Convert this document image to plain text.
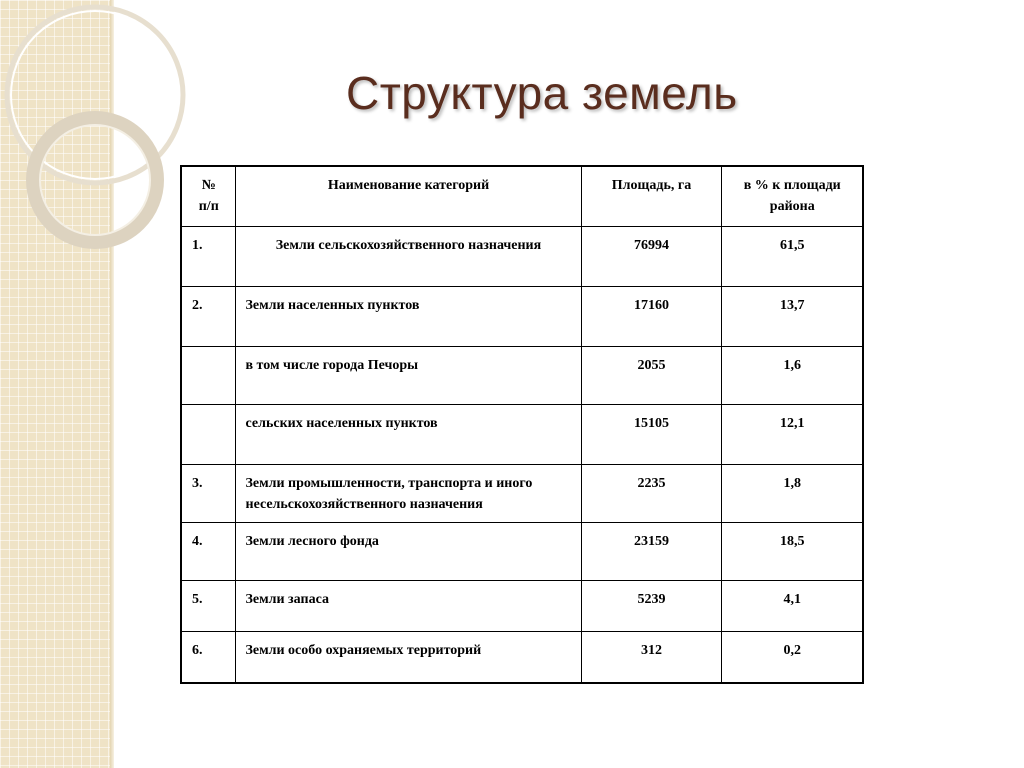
Структура земель
№
п/п	Наименование категорий	Площадь, га	в % к площади района
1.	Земли сельскохозяйственного назначения	76994	61,5
2.	Земли населенных пунктов	17160	13,7
	в том числе города Печоры	2055	1,6
	сельских населенных пунктов	15105	12,1
3.	Земли промышленности, транспорта и иного несельскохозяйственного назначения	2235	1,8
4.	Земли лесного фонда	23159	18,5
5.	Земли запаса	5239	4,1
6.	Земли особо охраняемых территорий	312	0,2
